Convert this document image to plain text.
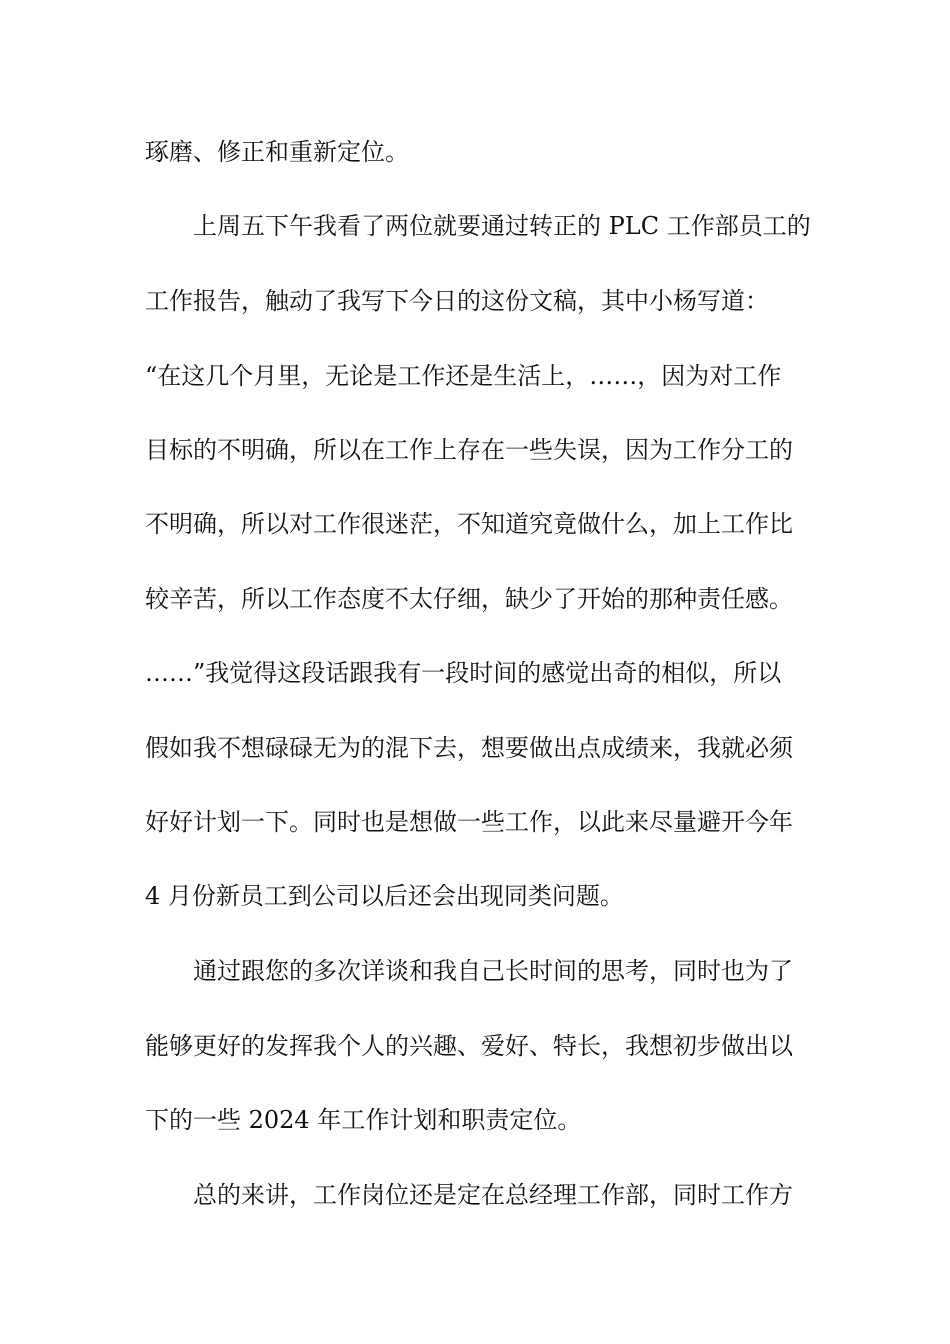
琢磨、修正和重新定位。
上周五下午我看了两位就要通过转正的 PLC 工作部员工的
工作报告，触动了我写下今日的这份文稿，其中小杨写道：
“在这几个月里，无论是工作还是生活上，……，因为对工作
目标的不明确，所以在工作上存在一些失误，因为工作分工的
不明确，所以对工作很迷茫，不知道究竟做什么，加上工作比
较辛苦，所以工作态度不太仔细，缺少了开始的那种责任感。
……”我觉得这段话跟我有一段时间的感觉出奇的相似，所以
假如我不想碌碌无为的混下去，想要做出点成绩来，我就必须
好好计划一下。同时也是想做一些工作，以此来尽量避开今年
4 月份新员工到公司以后还会出现同类问题。
通过跟您的多次详谈和我自己长时间的思考，同时也为了
能够更好的发挥我个人的兴趣、爱好、特长，我想初步做出以
下的一些 2024 年工作计划和职责定位。
总的来讲，工作岗位还是定在总经理工作部，同时工作方
